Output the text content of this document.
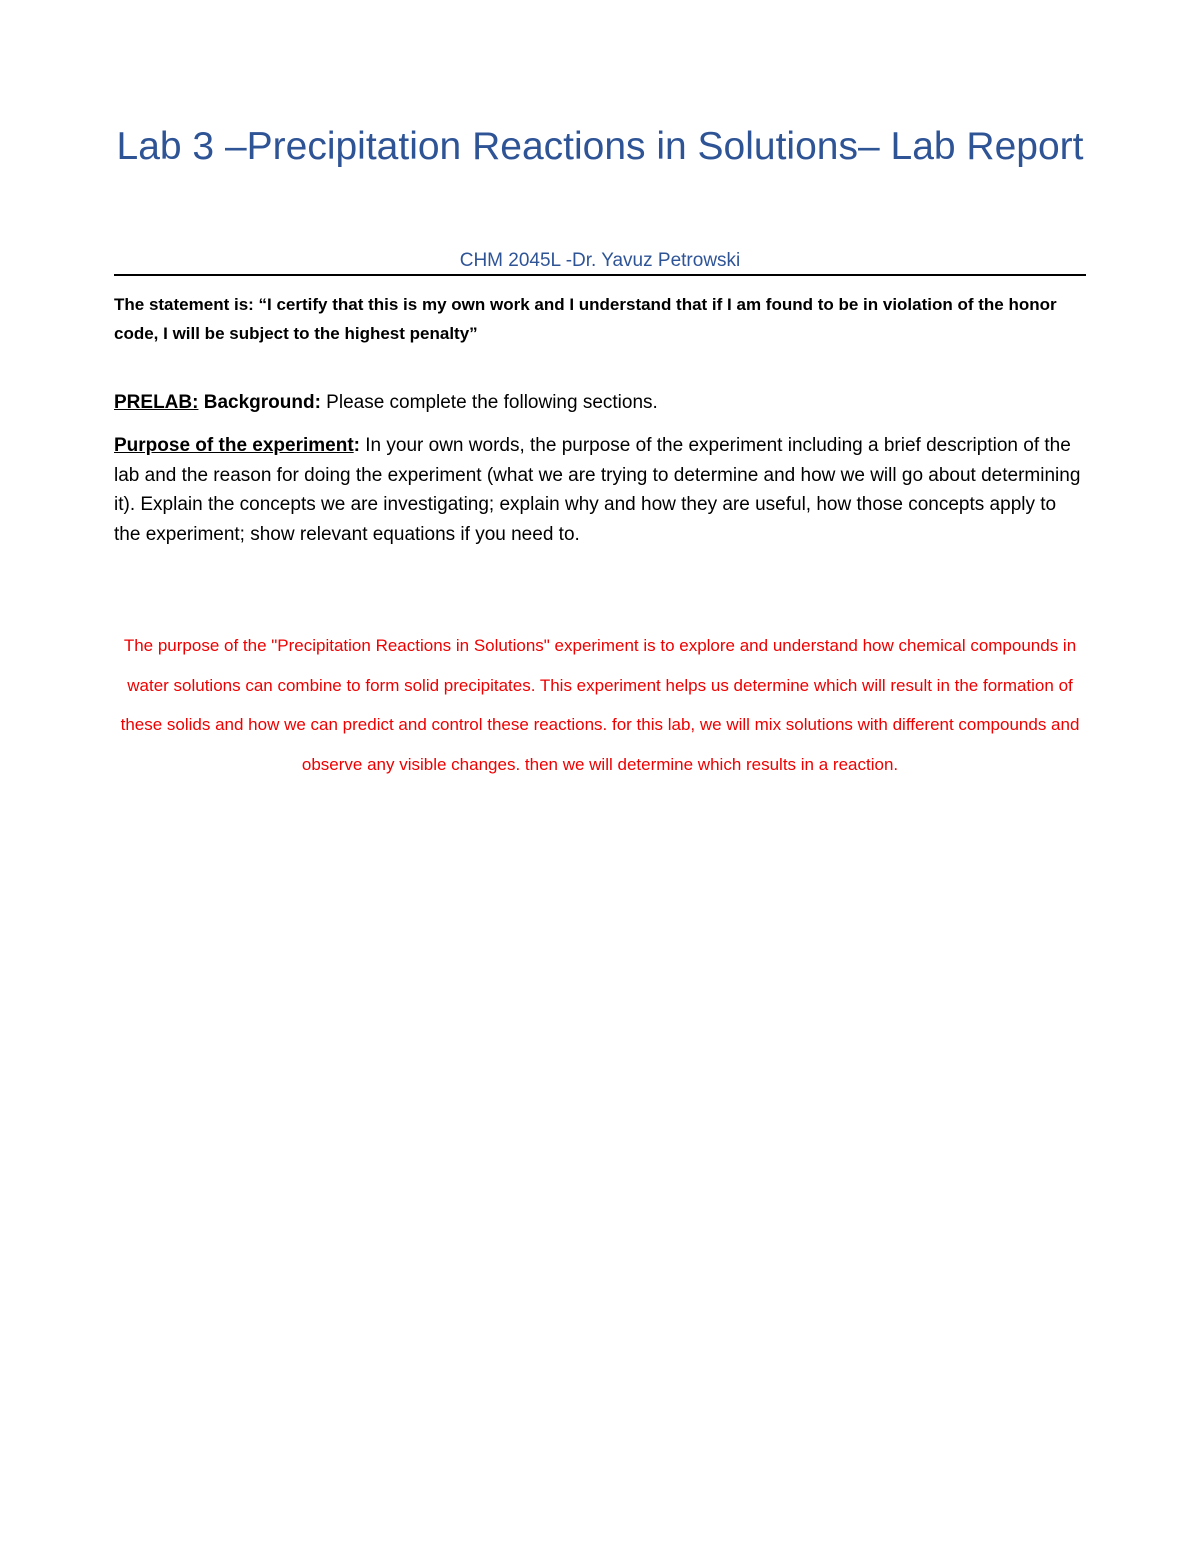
Lab 3 –Precipitation Reactions in Solutions– Lab Report
CHM 2045L -Dr. Yavuz Petrowski
The statement is: “I certify that this is my own work and I understand that if I am found to be in violation of the honor code, I will be subject to the highest penalty”
PRELAB: Background: Please complete the following sections.
Purpose of the experiment: In your own words, the purpose of the experiment including a brief description of the lab and the reason for doing the experiment (what we are trying to determine and how we will go about determining it). Explain the concepts we are investigating; explain why and how they are useful, how those concepts apply to the experiment; show relevant equations if you need to.
The purpose of the "Precipitation Reactions in Solutions" experiment is to explore and understand how chemical compounds in water solutions can combine to form solid precipitates. This experiment helps us determine which will result in the formation of these solids and how we can predict and control these reactions. for this lab, we will mix solutions with different compounds and observe any visible changes. then we will determine which results in a reaction.
